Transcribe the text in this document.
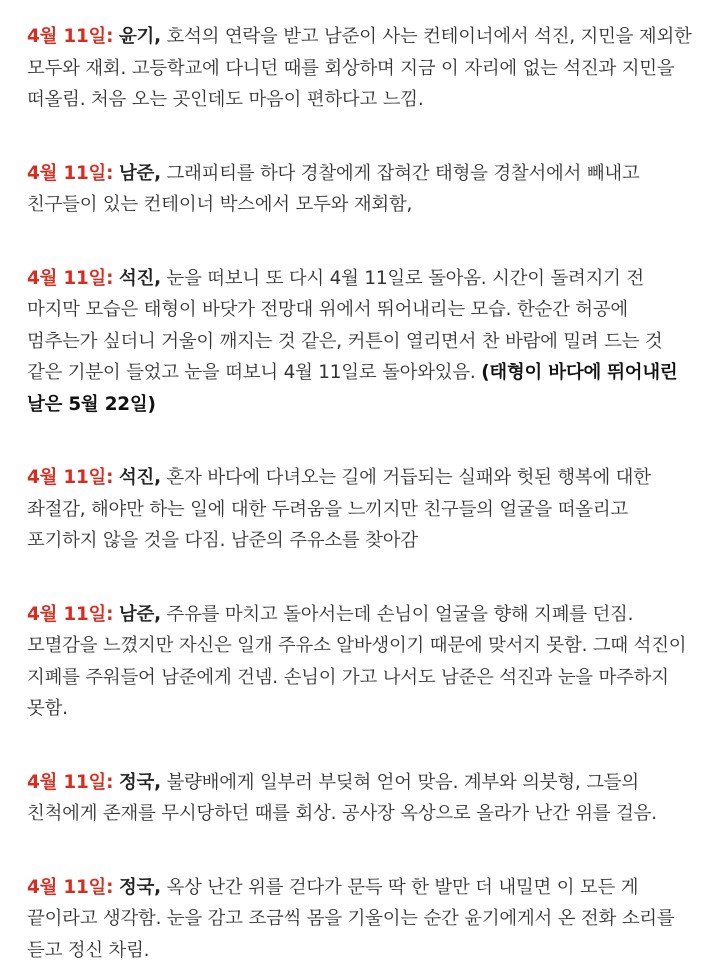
4월 11일: 윤기, 호석의 연락을 받고 남준이 사는 컨테이너에서 석진, 지민을 제외한 모두와 재회. 고등학교에 다니던 때를 회상하며 지금 이 자리에 없는 석진과 지민을 떠올림. 처음 오는 곳인데도 마음이 편하다고 느낌.

4월 11일: 남준, 그래피티를 하다 경찰에게 잡혀간 태형을 경찰서에서 빼내고 친구들이 있는 컨테이너 박스에서 모두와 재회함,

4월 11일: 석진, 눈을 떠보니 또 다시 4월 11일로 돌아옴. 시간이 돌려지기 전 마지막 모습은 태형이 바닷가 전망대 위에서 뛰어내리는 모습. 한순간 허공에 멈추는가 싶더니 거울이 깨지는 것 같은, 커튼이 열리면서 찬 바람에 밀려 드는 것 같은 기분이 들었고 눈을 떠보니 4월 11일로 돌아와있음. (태형이 바다에 뛰어내린 날은 5월 22일)

4월 11일: 석진, 혼자 바다에 다녀오는 길에 거듭되는 실패와 헛된 행복에 대한 좌절감, 해야만 하는 일에 대한 두려움을 느끼지만 친구들의 얼굴을 떠올리고 포기하지 않을 것을 다짐. 남준의 주유소를 찾아감

4월 11일: 남준, 주유를 마치고 돌아서는데 손님이 얼굴을 향해 지폐를 던짐. 모멸감을 느꼈지만 자신은 일개 주유소 알바생이기 때문에 맞서지 못함. 그때 석진이 지폐를 주워들어 남준에게 건넴. 손님이 가고 나서도 남준은 석진과 눈을 마주하지 못함.

4월 11일: 정국, 불량배에게 일부러 부딪혀 얻어 맞음. 계부와 의붓형, 그들의 친척에게 존재를 무시당하던 때를 회상. 공사장 옥상으로 올라가 난간 위를 걸음.

4월 11일: 정국, 옥상 난간 위를 걷다가 문득 딱 한 발만 더 내밀면 이 모든 게 끝이라고 생각함. 눈을 감고 조금씩 몸을 기울이는 순간 윤기에게서 온 전화 소리를 듣고 정신 차림.
